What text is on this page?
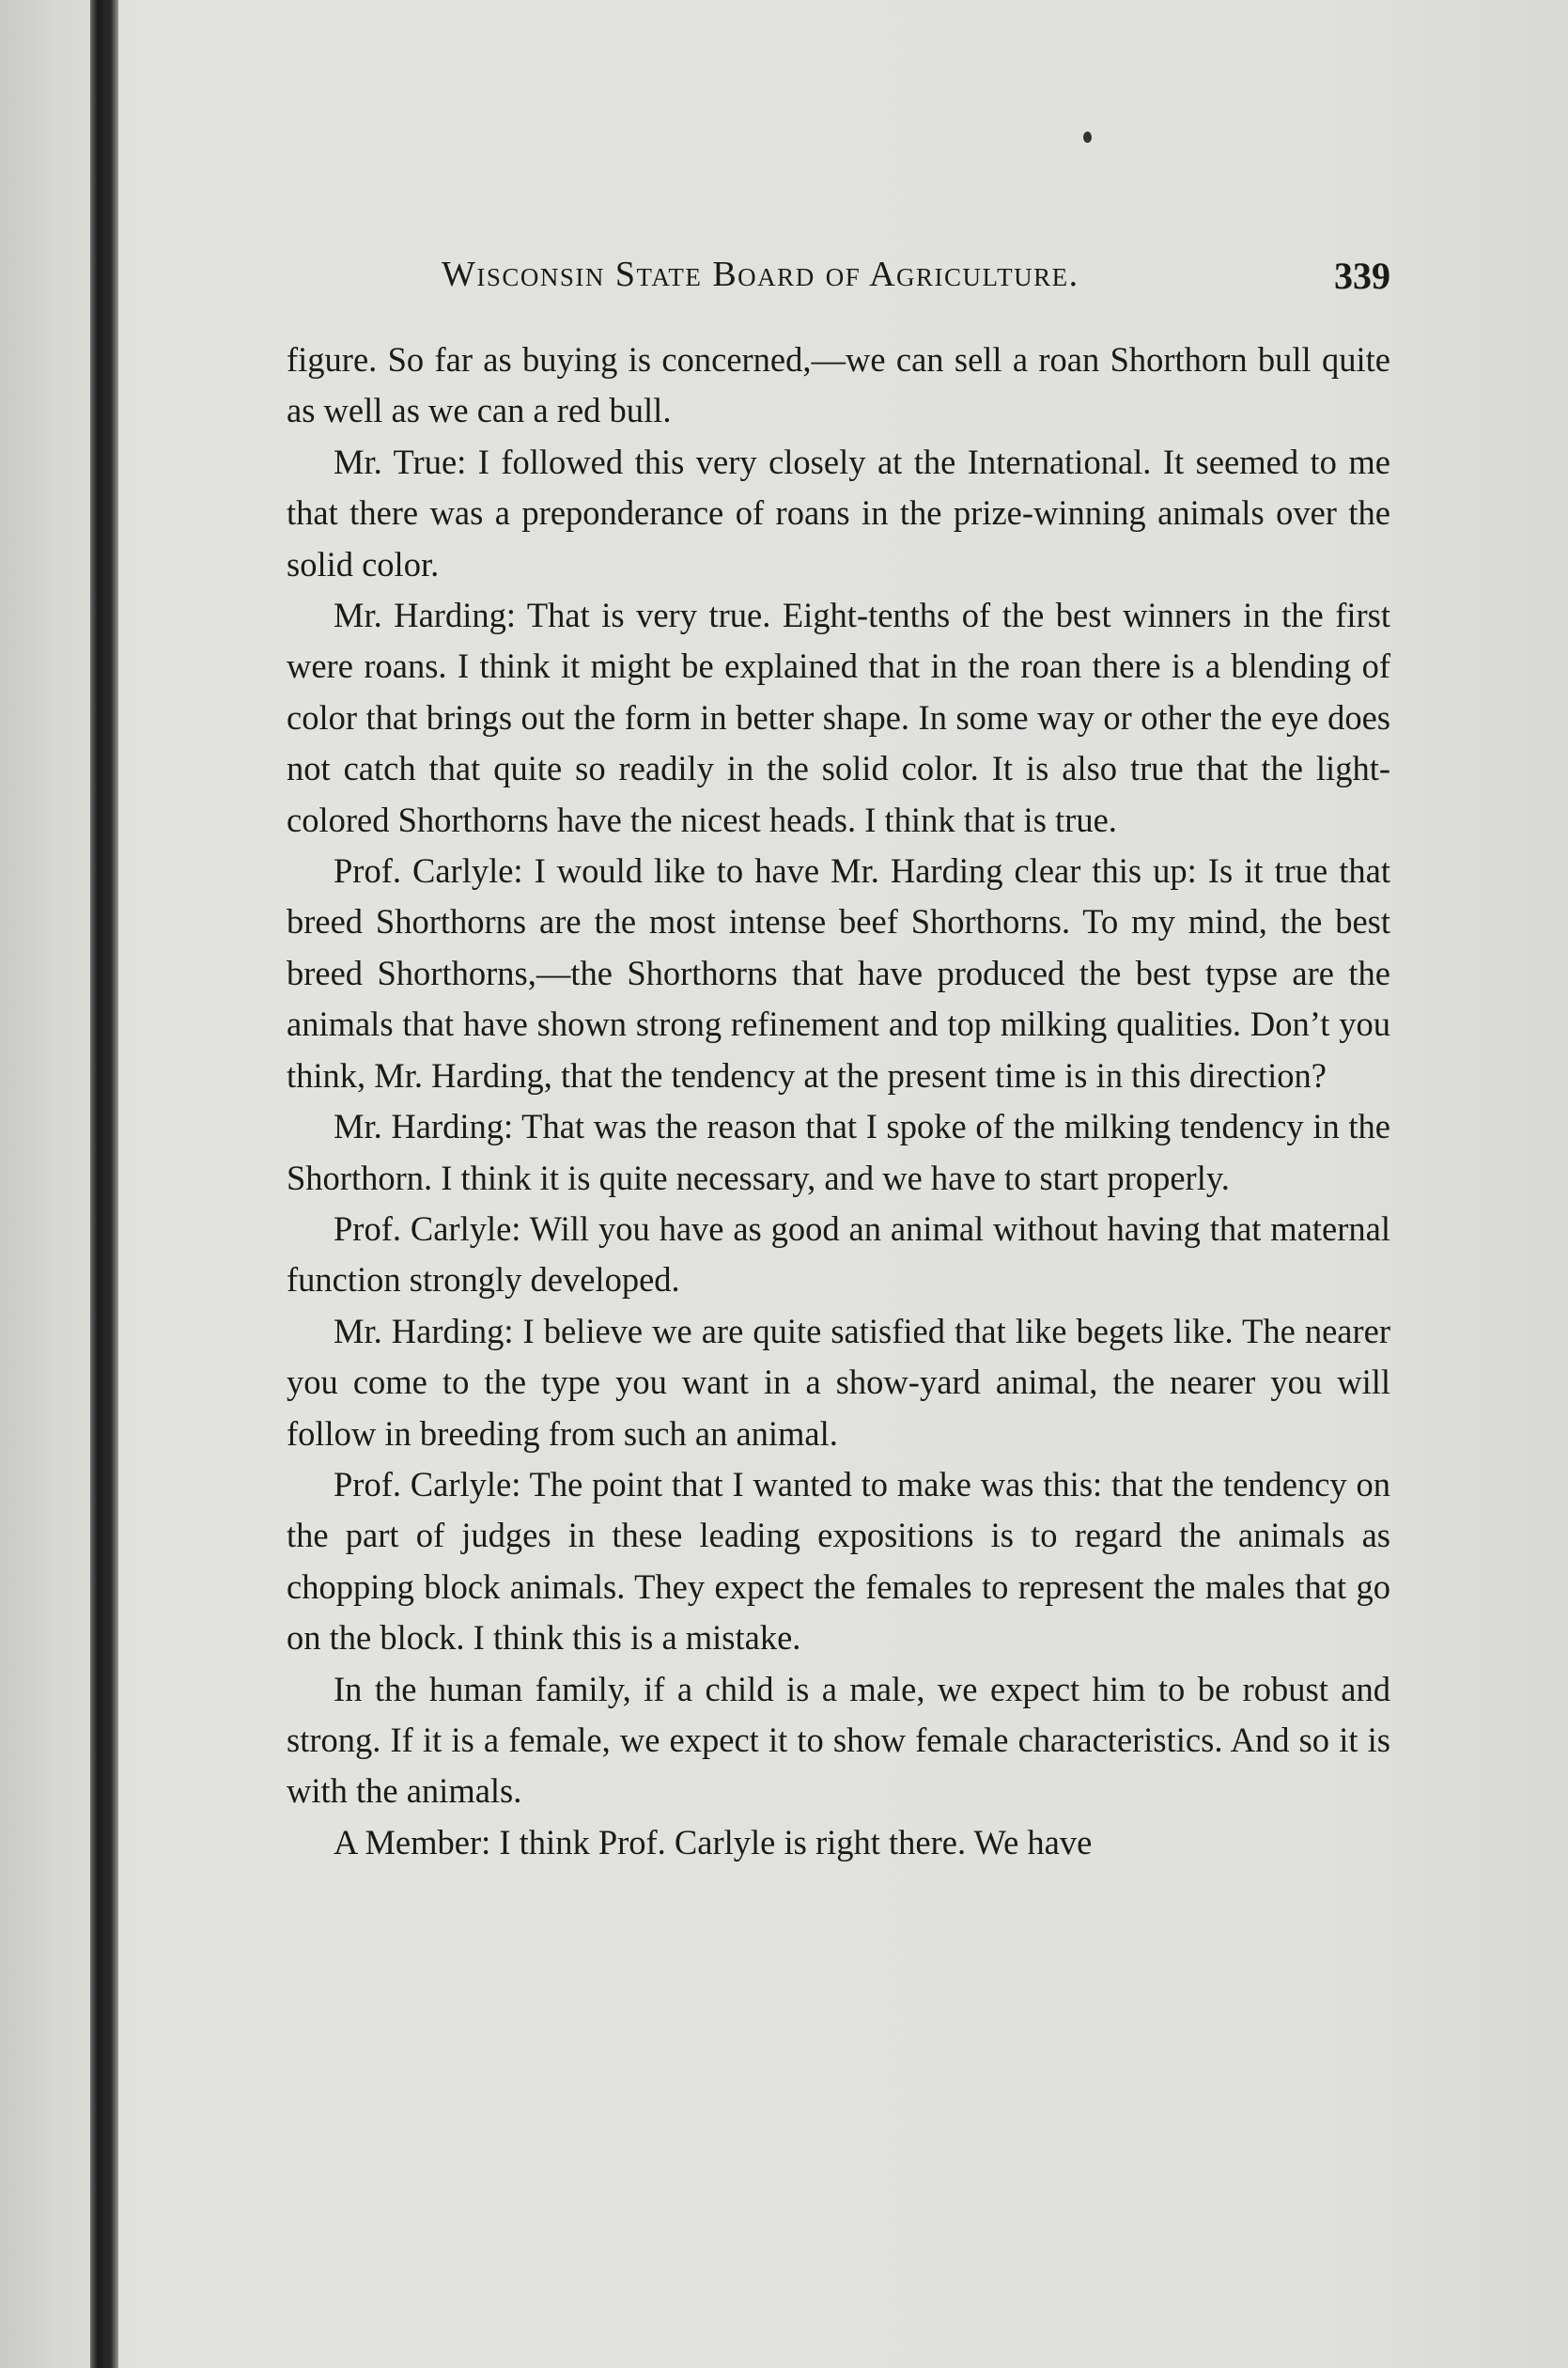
Wisconsin State Board of Agriculture.	339

figure. So far as buying is concerned,—we can sell a roan Shorthorn bull quite as well as we can a red bull.

Mr. True: I followed this very closely at the International. It seemed to me that there was a preponderance of roans in the prize-winning animals over the solid color.

Mr. Harding: That is very true. Eight-tenths of the best winners in the first were roans. I think it might be explained that in the roan there is a blending of color that brings out the form in better shape. In some way or other the eye does not catch that quite so readily in the solid color. It is also true that the light-colored Shorthorns have the nicest heads. I think that is true.

Prof. Carlyle: I would like to have Mr. Harding clear this up: Is it true that breed Shorthorns are the most intense beef Shorthorns. To my mind, the best breed Shorthorns,—the Shorthorns that have produced the best typse are the animals that have shown strong refinement and top milking qualities. Don’t you think, Mr. Harding, that the tendency at the present time is in this direction?

Mr. Harding: That was the reason that I spoke of the milking tendency in the Shorthorn. I think it is quite necessary, and we have to start properly.

Prof. Carlyle: Will you have as good an animal without having that maternal function strongly developed.

Mr. Harding: I believe we are quite satisfied that like begets like. The nearer you come to the type you want in a show-yard animal, the nearer you will follow in breeding from such an animal.

Prof. Carlyle: The point that I wanted to make was this: that the tendency on the part of judges in these leading expositions is to regard the animals as chopping block animals. They expect the females to represent the males that go on the block. I think this is a mistake.

In the human family, if a child is a male, we expect him to be robust and strong. If it is a female, we expect it to show female characteristics. And so it is with the animals.

A Member: I think Prof. Carlyle is right there. We have
